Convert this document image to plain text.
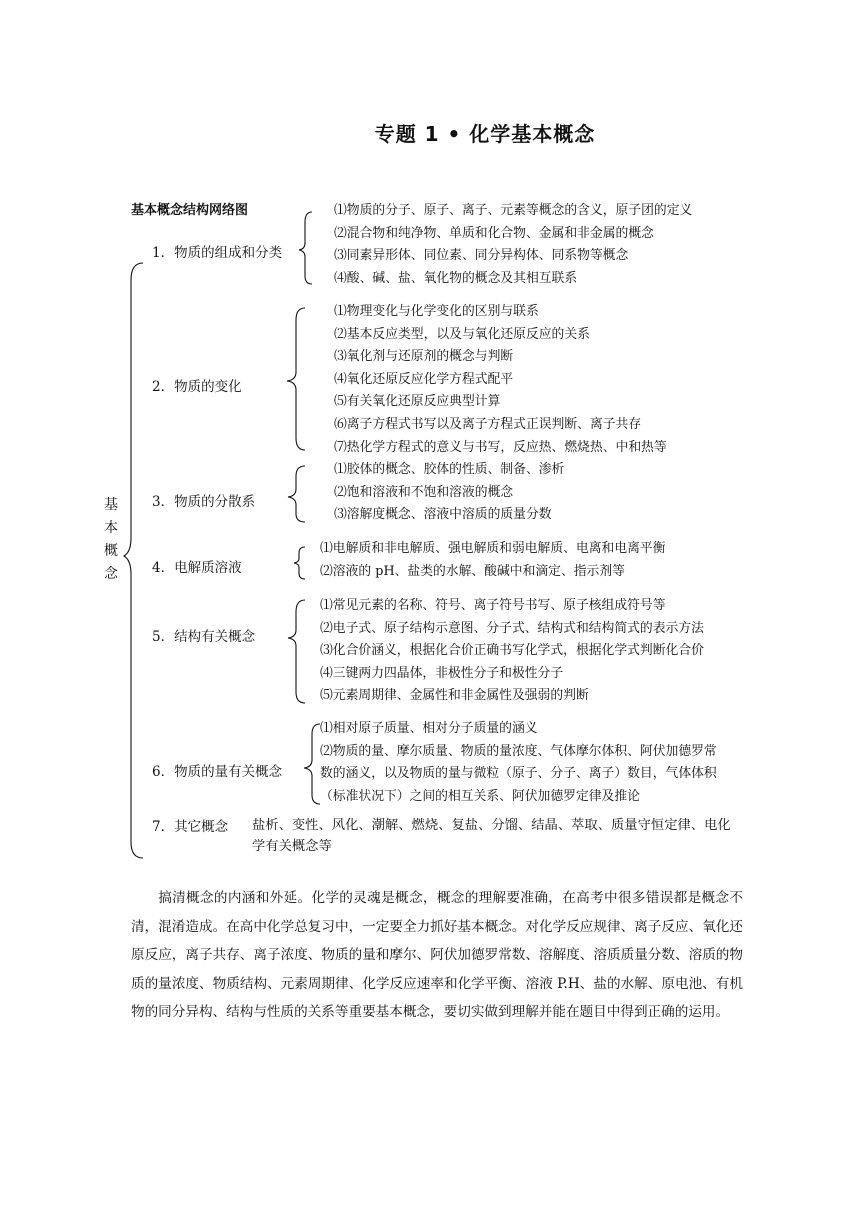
专题 1 • 化学基本概念
基本概念结构网络图
基
本
概
念
1．物质的组成和分类
2．物质的变化
3．物质的分散系
4．电解质溶液
5．结构有关概念
6．物质的量有关概念
7．其它概念
⑴物质的分子、原子、离子、元素等概念的含义，原子团的定义
⑵混合物和纯净物、单质和化合物、金属和非金属的概念
⑶同素异形体、同位素、同分异构体、同系物等概念
⑷酸、碱、盐、氧化物的概念及其相互联系
⑴物理变化与化学变化的区别与联系
⑵基本反应类型，以及与氧化还原反应的关系
⑶氧化剂与还原剂的概念与判断
⑷氧化还原反应化学方程式配平
⑸有关氧化还原反应典型计算
⑹离子方程式书写以及离子方程式正误判断、离子共存
⑺热化学方程式的意义与书写，反应热、燃烧热、中和热等
⑴胶体的概念、胶体的性质、制备、渗析
⑵饱和溶液和不饱和溶液的概念
⑶溶解度概念、溶液中溶质的质量分数
⑴电解质和非电解质、强电解质和弱电解质、电离和电离平衡
⑵溶液的 pH、盐类的水解、酸碱中和滴定、指示剂等
⑴常见元素的名称、符号、离子符号书写、原子核组成符号等
⑵电子式、原子结构示意图、分子式、结构式和结构简式的表示方法
⑶化合价涵义，根据化合价正确书写化学式，根据化学式判断化合价
⑷三键两力四晶体，非极性分子和极性分子
⑸元素周期律、金属性和非金属性及强弱的判断
⑴相对原子质量、相对分子质量的涵义
⑵物质的量、摩尔质量、物质的量浓度、气体摩尔体积、阿伏加德罗常
数的涵义，以及物质的量与微粒（原子、分子、离子）数目，气体体积
（标准状况下）之间的相互关系、阿伏加德罗定律及推论
盐析、变性、风化、潮解、燃烧、复盐、分馏、结晶、萃取、质量守恒定律、电化学有关概念等
搞清概念的内涵和外延。化学的灵魂是概念，概念的理解要准确，在高考中很多错误都是概念不清，混淆造成。在高中化学总复习中，一定要全力抓好基本概念。对化学反应规律、离子反应、氧化还原反应，离子共存、离子浓度、物质的量和摩尔、阿伏加德罗常数、溶解度、溶质质量分数、溶质的物质的量浓度、物质结构、元素周期律、化学反应速率和化学平衡、溶液 P.H、盐的水解、原电池、有机物的同分异构、结构与性质的关系等重要基本概念，要切实做到理解并能在题目中得到正确的运用。
